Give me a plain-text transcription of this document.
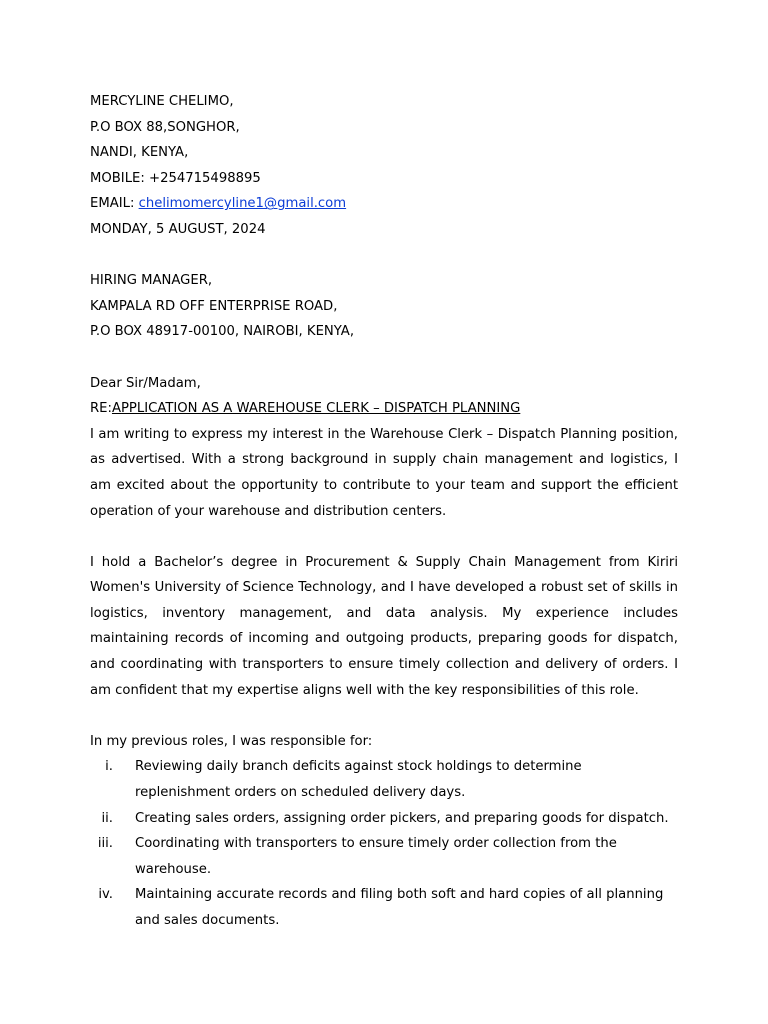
MERCYLINE CHELIMO,
P.O BOX 88,SONGHOR,
NANDI, KENYA,
MOBILE: +254715498895
EMAIL: chelimomercyline1@gmail.com
MONDAY, 5 AUGUST, 2024
HIRING MANAGER,
KAMPALA RD OFF ENTERPRISE ROAD,
P.O BOX 48917-00100, NAIROBI, KENYA,
Dear Sir/Madam,
RE:APPLICATION AS A WAREHOUSE CLERK – DISPATCH PLANNING

I am writing to express my interest in the Warehouse Clerk – Dispatch Planning position, as advertised. With a strong background in supply chain management and logistics, I am excited about the opportunity to contribute to your team and support the efficient operation of your warehouse and distribution centers.

I hold a Bachelor’s degree in Procurement & Supply Chain Management from Kiriri Women's University of Science Technology, and I have developed a robust set of skills in logistics, inventory management, and data analysis. My experience includes maintaining records of incoming and outgoing products, preparing goods for dispatch, and coordinating with transporters to ensure timely collection and delivery of orders. I am confident that my expertise aligns well with the key responsibilities of this role.

In my previous roles, I was responsible for:
i. Reviewing daily branch deficits against stock holdings to determine replenishment orders on scheduled delivery days.
ii. Creating sales orders, assigning order pickers, and preparing goods for dispatch.
iii. Coordinating with transporters to ensure timely order collection from the warehouse.
iv. Maintaining accurate records and filing both soft and hard copies of all planning and sales documents.
